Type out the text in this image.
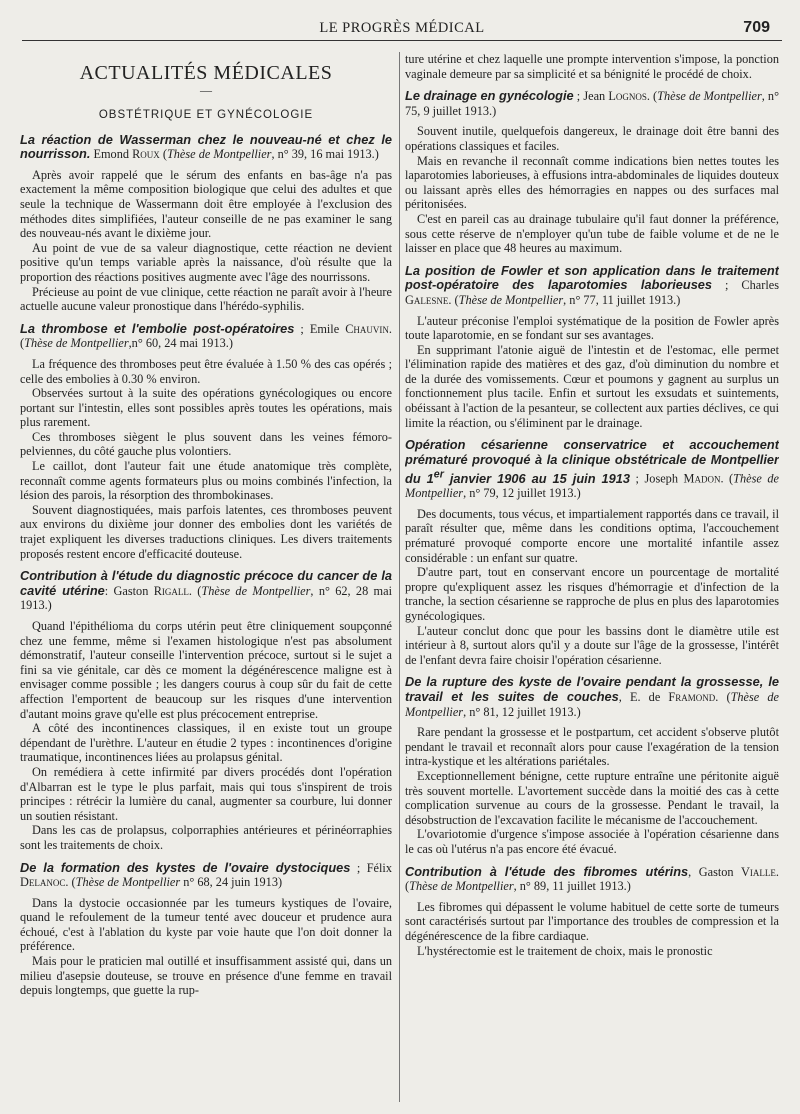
LE PROGRÈS MÉDICAL	709
ACTUALITÉS MÉDICALES
—
OBSTÉTRIQUE ET GYNÉCOLOGIE
La réaction de Wasserman chez le nouveau-né et chez le nourrisson. Emond Roux (Thèse de Montpellier, n° 39, 16 mai 1913.)

Après avoir rappelé que le sérum des enfants en bas-âge n'a pas exactement la même composition biologique que celui des adultes et que seule la technique de Wassermann doit être employée à l'exclusion des méthodes dites simplifiées, l'auteur conseille de ne pas examiner le sang des nouveau-nés avant le dixième jour.

Au point de vue de sa valeur diagnostique, cette réaction ne devient positive qu'un temps variable après la naissance, d'où résulte que la proportion des réactions positives augmente avec l'âge des nourrissons.

Précieuse au point de vue clinique, cette réaction ne paraît avoir à l'heure actuelle aucune valeur pronostique dans l'hérédo-syphilis.

La thrombose et l'embolie post-opératoires ; Emile Chauvin. (Thèse de Montpellier,n° 60, 24 mai 1913.)

La fréquence des thromboses peut être évaluée à 1.50 % des cas opérés ; celle des embolies à 0.30 % environ.

Observées surtout à la suite des opérations gynécologiques ou encore portant sur l'intestin, elles sont possibles après toutes les opérations, mais plus rarement.

Ces thromboses siègent le plus souvent dans les veines fémoro-pelviennes, du côté gauche plus volontiers.

Le caillot, dont l'auteur fait une étude anatomique très complète, reconnaît comme agents formateurs plus ou moins combinés l'infection, la lésion des parois, la résorption des thrombokinases.

Souvent diagnostiquées, mais parfois latentes, ces thromboses peuvent aux environs du dixième jour donner des embolies dont les variétés de trajet expliquent les diverses traductions cliniques. Les divers traitements proposés restent encore d'efficacité douteuse.

Contribution à l'étude du diagnostic précoce du cancer de la cavité utérine: Gaston Rigall. (Thèse de Montpellier, n° 62, 28 mai 1913.)

Quand l'épithélioma du corps utérin peut être cliniquement soupçonné chez une femme, même si l'examen histologique n'est pas absolument démonstratif, l'auteur conseille l'intervention précoce, surtout si le sujet a fini sa vie génitale, car dès ce moment la dégénérescence maligne est à envisager comme possible ; les dangers courus à coup sûr du fait de cette affection l'emportent de beaucoup sur les risques d'une intervention d'autant moins grave qu'elle est plus précocement entreprise.

A côté des incontinences classiques, il en existe tout un groupe dépendant de l'urèthre. L'auteur en étudie 2 types : incontinences d'origine traumatique, incontinences liées au prolapsus génital.

On remédiera à cette infirmité par divers procédés dont l'opération d'Albarran est le type le plus parfait, mais qui tous s'inspirent de trois principes : rétrécir la lumière du canal, augmenter sa courbure, lui donner un soutien résistant.

Dans les cas de prolapsus, colporraphies antérieures et périnéorraphies sont les traitements de choix.

De la formation des kystes de l'ovaire dystociques ; Félix Delanoc. (Thèse de Montpellier n° 68, 24 juin 1913)

Dans la dystocie occasionnée par les tumeurs kystiques de l'ovaire, quand le refoulement de la tumeur tenté avec douceur et prudence aura échoué, c'est à l'ablation du kyste par voie haute que l'on doit donner la préférence.

Mais pour le praticien mal outillé et insuffisamment assisté qui, dans un milieu d'asepsie douteuse, se trouve en présence d'une femme en travail depuis longtemps, que guette la rup-

ture utérine et chez laquelle une prompte intervention s'impose, la ponction vaginale demeure par sa simplicité et sa bénignité le procédé de choix.

Le drainage en gynécologie ; Jean Lognos. (Thèse de Montpellier, n° 75, 9 juillet 1913.)

Souvent inutile, quelquefois dangereux, le drainage doit être banni des opérations classiques et faciles.

Mais en revanche il reconnaît comme indications bien nettes toutes les laparotomies laborieuses, à effusions intra-abdominales de liquides douteux ou laissant après elles des hémorragies en nappes ou des surfaces mal péritonisées.

C'est en pareil cas au drainage tubulaire qu'il faut donner la préférence, sous cette réserve de n'employer qu'un tube de faible volume et de ne le laisser en place que 48 heures au maximum.

La position de Fowler et son application dans le traitement post-opératoire des laparotomies laborieuses ; Charles Galesne. (Thèse de Montpellier, n° 77, 11 juillet 1913.)

L'auteur préconise l'emploi systématique de la position de Fowler après toute laparotomie, en se fondant sur ses avantages.

En supprimant l'atonie aiguë de l'intestin et de l'estomac, elle permet l'élimination rapide des matières et des gaz, d'où diminution du nombre et de la durée des vomissements. Cœur et poumons y gagnent au surplus un fonctionnement plus tacile. Enfin et surtout les exsudats et suintements, obéissant à l'action de la pesanteur, se collectent aux parties déclives, ce qui limite la réaction, ou s'éliminent par le drainage.

Opération césarienne conservatrice et accouchement prématuré provoqué à la clinique obstétricale de Montpellier du 1er janvier 1906 au 15 juin 1913 ; Joseph Madon. (Thèse de Montpellier, n° 79, 12 juillet 1913.)

Des documents, tous vécus, et impartialement rapportés dans ce travail, il paraît résulter que, même dans les conditions optima, l'accouchement prématuré provoqué comporte encore une mortalité infantile assez considérable : un enfant sur quatre.

D'autre part, tout en conservant encore un pourcentage de mortalité propre qu'expliquent assez les risques d'hémorragie et d'infection de la tranche, la section césarienne se rapproche de plus en plus des laparotomies gynécologiques.

L'auteur conclut donc que pour les bassins dont le diamètre utile est intérieur à 8, surtout alors qu'il y a doute sur l'âge de la grossesse, l'intérêt de l'enfant devra faire choisir l'opération césarienne.

De la rupture des kyste de l'ovaire pendant la grossesse, le travail et les suites de couches, E. de Framond. (Thèse de Montpellier, n° 81, 12 juillet 1913.)

Rare pendant la grossesse et le postpartum, cet accident s'observe plutôt pendant le travail et reconnaît alors pour cause l'exagération de la tension intra-kystique et les altérations pariétales.

Exceptionnellement bénigne, cette rupture entraîne une péritonite aiguë très souvent mortelle. L'avortement succède dans la moitié des cas à cette complication survenue au cours de la grossesse. Pendant le travail, la désobstruction de l'excavation facilite le mécanisme de l'accouchement.

L'ovariotomie d'urgence s'impose associée à l'opération césarienne dans le cas où l'utérus n'a pas encore été évacué.

Contribution à l'étude des fibromes utérins, Gaston Vialle. (Thèse de Montpellier, n° 89, 11 juillet 1913.)

Les fibromes qui dépassent le volume habituel de cette sorte de tumeurs sont caractérisés surtout par l'importance des troubles de compression et la dégénérescence de la fibre cardiaque.

L'hystérectomie est le traitement de choix, mais le pronostic
